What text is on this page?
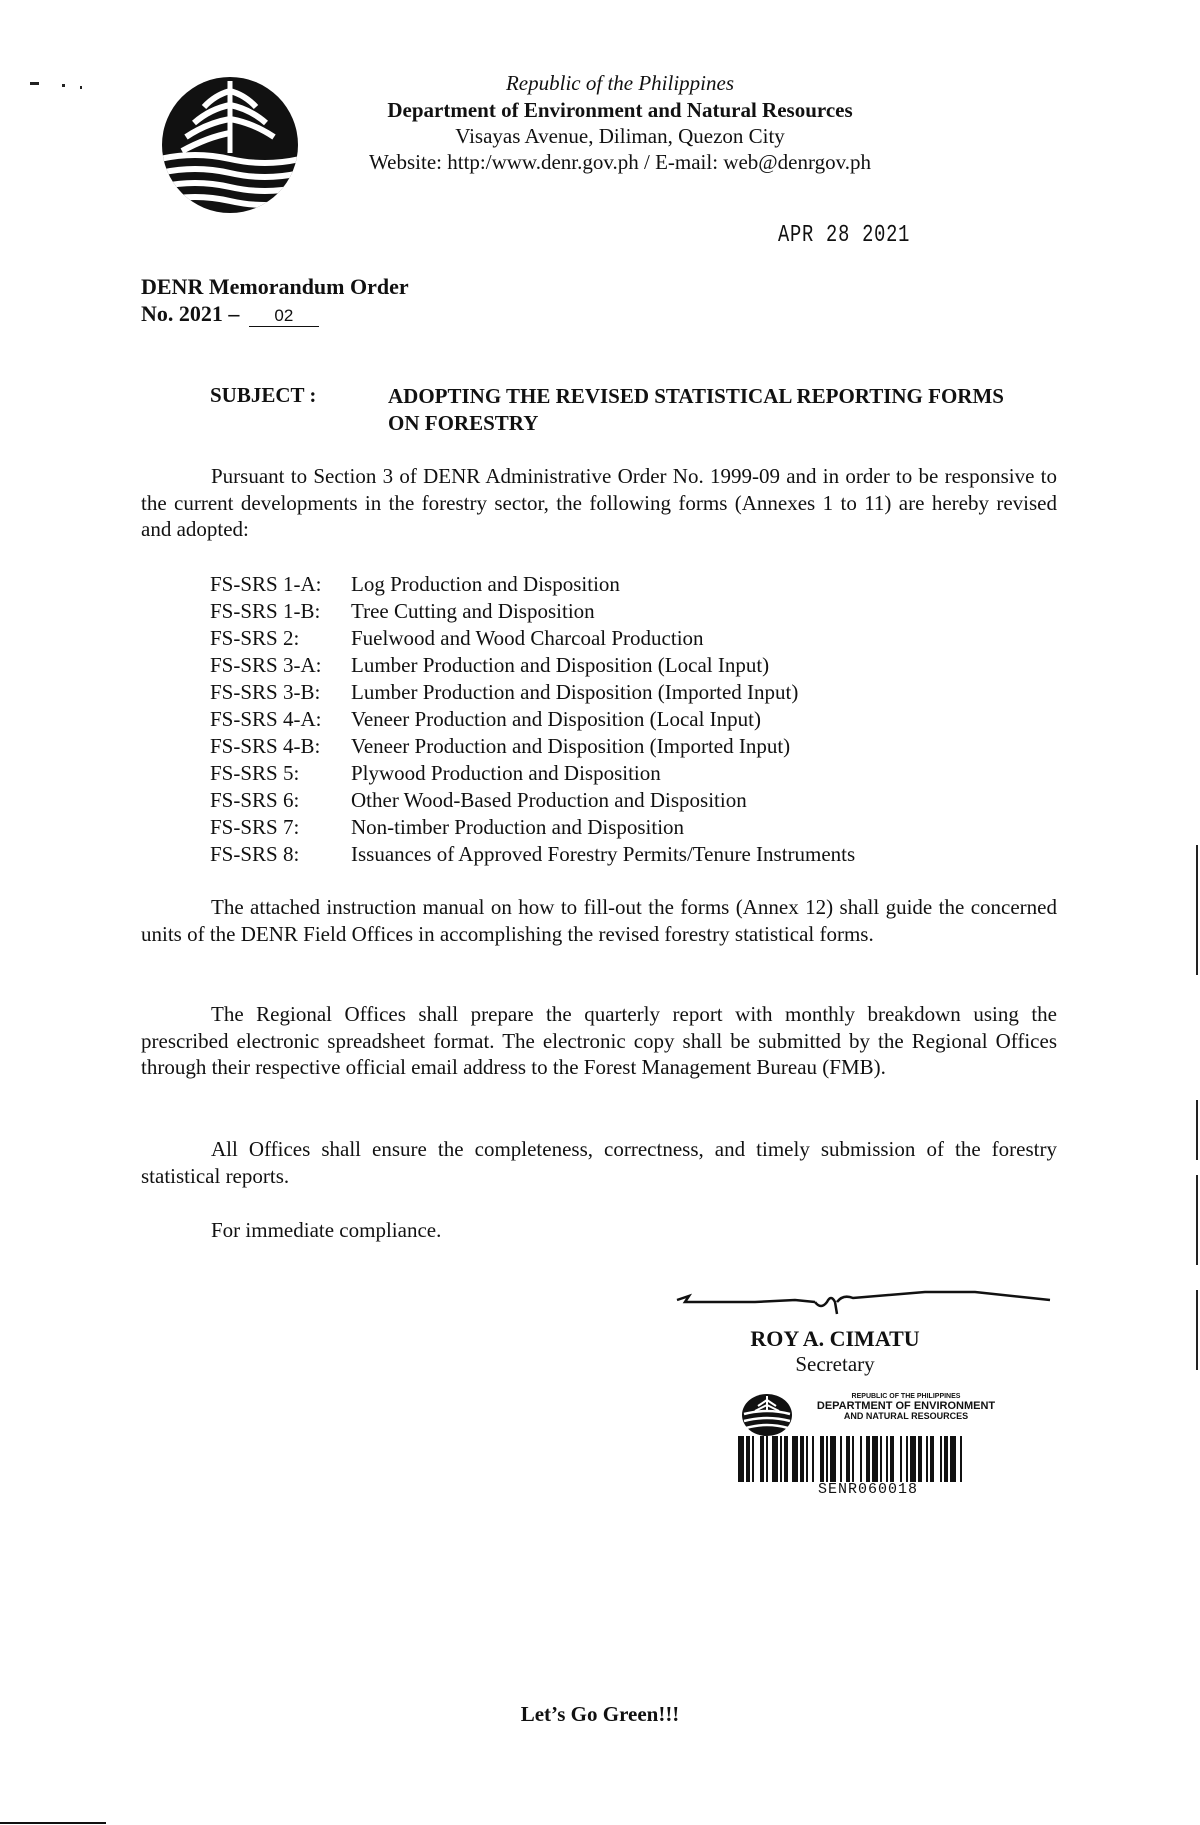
Republic of the Philippines
Department of Environment and Natural Resources
Visayas Avenue, Diliman, Quezon City
Website: http:/www.denr.gov.ph / E-mail: web@denrgov.ph
APR 28 2021
DENR Memorandum Order
No. 2021 – 02
SUBJECT :	ADOPTING THE REVISED STATISTICAL REPORTING FORMS ON FORESTRY
Pursuant to Section 3 of DENR Administrative Order No. 1999-09 and in order to be responsive to the current developments in the forestry sector, the following forms (Annexes 1 to 11) are hereby revised and adopted:
FS-SRS 1-A:	Log Production and Disposition
FS-SRS 1-B:	Tree Cutting and Disposition
FS-SRS 2:	Fuelwood and Wood Charcoal Production
FS-SRS 3-A:	Lumber Production and Disposition (Local Input)
FS-SRS 3-B:	Lumber Production and Disposition (Imported Input)
FS-SRS 4-A:	Veneer Production and Disposition (Local Input)
FS-SRS 4-B:	Veneer Production and Disposition (Imported Input)
FS-SRS 5:	Plywood Production and Disposition
FS-SRS 6:	Other Wood-Based Production and Disposition
FS-SRS 7:	Non-timber Production and Disposition
FS-SRS 8:	Issuances of Approved Forestry Permits/Tenure Instruments
The attached instruction manual on how to fill-out the forms (Annex 12) shall guide the concerned units of the DENR Field Offices in accomplishing the revised forestry statistical forms.
The Regional Offices shall prepare the quarterly report with monthly breakdown using the prescribed electronic spreadsheet format. The electronic copy shall be submitted by the Regional Offices through their respective official email address to the Forest Management Bureau (FMB).
All Offices shall ensure the completeness, correctness, and timely submission of the forestry statistical reports.
For immediate compliance.
ROY A. CIMATU
Secretary
REPUBLIC OF THE PHILIPPINES
DEPARTMENT OF ENVIRONMENT
AND NATURAL RESOURCES
SENR060018
Let’s Go Green!!!
